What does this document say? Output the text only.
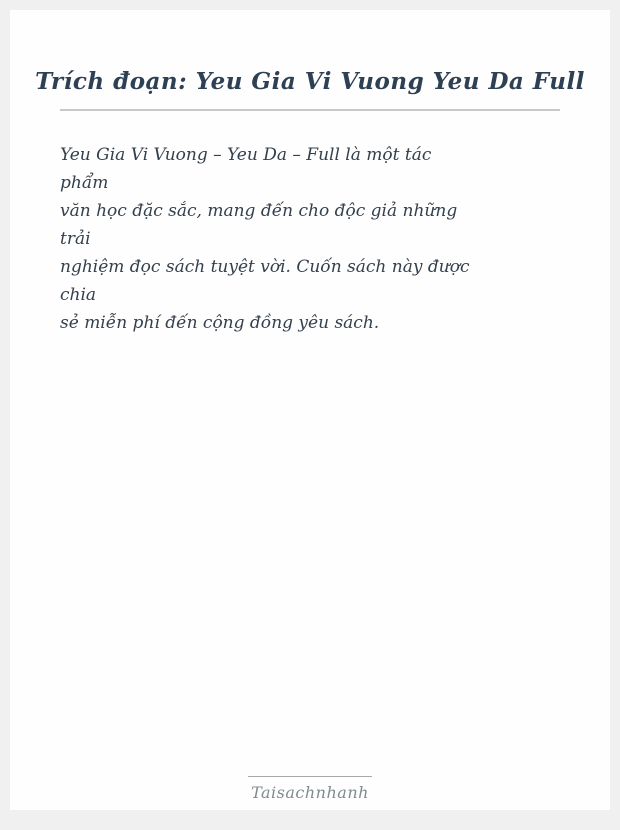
Trích đoạn: Yeu Gia Vi Vuong Yeu Da Full
Yeu Gia Vi Vuong – Yeu Da – Full là một tác
phẩm
văn học đặc sắc, mang đến cho độc giả những
trải
nghiệm đọc sách tuyệt vời. Cuốn sách này được
chia
sẻ miễn phí đến cộng đồng yêu sách.
Taisachnhanh
